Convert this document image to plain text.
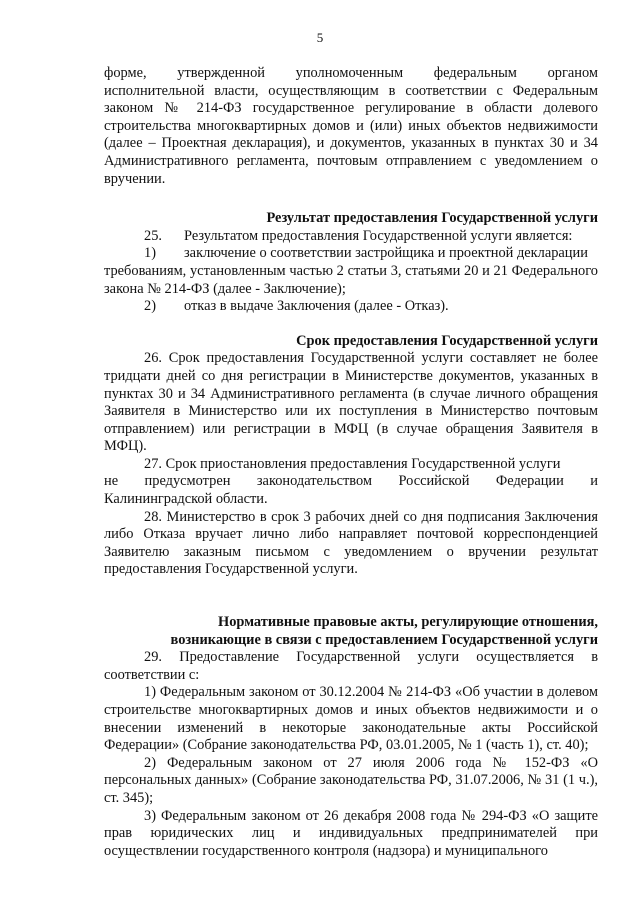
5

форме, утвержденной уполномоченным федеральным органом

исполнительной власти, осуществляющим в соответствии с Федеральным законом № 214-ФЗ государственное регулирование в области долевого строительства многоквартирных домов и (или) иных объектов недвижимости (далее – Проектная декларация), и документов, указанных в пунктах 30 и 34 Административного регламента, почтовым отправлением с уведомлением о вручении.

Результат предоставления Государственной услуги

25.	Результатом предоставления Государственной услуги является:
1)	заключение о соответствии застройщика и проектной декларации

требованиям, установленным частью 2 статьи 3, статьями 20 и 21 Федерального закона № 214-ФЗ (далее - Заключение);

2)	отказ в выдаче Заключения (далее - Отказ).

Срок предоставления Государственной услуги

26. Срок предоставления Государственной услуги составляет не более тридцати дней со дня регистрации в Министерстве документов, указанных в пунктах 30 и 34 Административного регламента (в случае личного обращения Заявителя в Министерство или их поступления в Министерство почтовым отправлением) или регистрации в МФЦ (в случае обращения Заявителя в МФЦ).

27. Срок приостановления предоставления Государственной услуги

не предусмотрен законодательством Российской Федерации и

Калининградской области.

28. Министерство в срок 3 рабочих дней со дня подписания Заключения либо Отказа вручает лично либо направляет почтовой корреспонденцией Заявителю заказным письмом с уведомлением о вручении результат предоставления Государственной услуги.

Нормативные правовые акты, регулирующие отношения,

возникающие в связи с предоставлением Государственной услуги

29. Предоставление Государственной услуги осуществляется в соответствии с:

1) Федеральным законом от 30.12.2004 № 214-ФЗ «Об участии в долевом строительстве многоквартирных домов и иных объектов недвижимости и о внесении изменений в некоторые законодательные акты Российской Федерации» (Собрание законодательства РФ, 03.01.2005, № 1 (часть 1), ст. 40);

2) Федеральным законом от 27 июля 2006 года № 152-ФЗ «О персональных данных» (Собрание законодательства РФ, 31.07.2006, № 31 (1 ч.), ст. 345);

3) Федеральным законом от 26 декабря 2008 года № 294-ФЗ «О защите прав юридических лиц и индивидуальных предпринимателей при осуществлении государственного контроля (надзора) и муниципального
